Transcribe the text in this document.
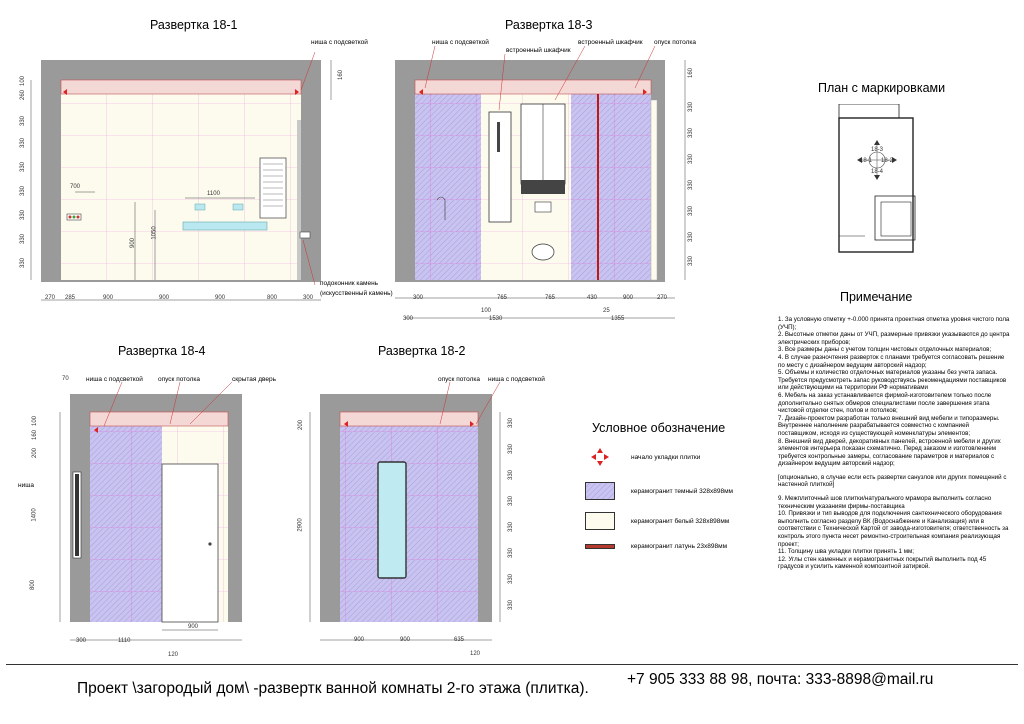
Развертка 18-1
ниша с подсветкой
подоконник камень
(искусственный камень)
700
1100
900
1050
270 285	900	900	900	800	300
100
260
330
330
330
330
330
330
330
160
Развертка 18-3
ниша с подсветкой
встроенный шкафчик
встроенный шкафчик опуск потолка
300	765	765	430	900	270
300
100
1530
25
1355
160
330
330
330
330
330
330
330
План с маркировками
18-3
18-4
18-1 18-2
Развертка 18-4
ниша с подсветкой опуск потолка	скрытая дверь
ниша
70
1400
800
100
160
200
900
300	1110
120
Развертка 18-2
опуск потолка ниша с подсветкой
2900
200
900	900	635
120
330
330
330
330
330
330
330
330
Условное обозначение
начало укладки плитки
керамогранит темный 328х898мм
керамогранит белый 328х898мм
керамогранит латунь 23х898мм
Примечание
1. За условную отметку +-0.000 принята проектная отметка уровня чистого пола (УЧП);
2. Высотные отметки даны от УЧП, размерные привязки указываются до центра электрических приборов;
3. Все размеры даны с учетом толщин чистовых отделочных материалов;
4. В случае разночтения разверток с планами требуется согласовать решение по месту с дизайнером ведущим авторский надзор;
5. Объемы и количество отделочных материалов указаны без учета запаса. Требуется предусмотреть запас руководствуясь рекомендациями поставщиков или действующими на территории РФ нормативами
6. Мебель на заказ устанавливается фирмой-изготовителем только после дополнительно снятых обмеров специалистами после завершения этапа чистовой отделки стен, полов и потолков;
7. Дизайн-проектом разработан только внешний вид мебели и типоразмеры. Внутреннее наполнение разрабатывается совместно с компанией поставщиком, исходя из существующей номенклатуры элементов;
8. Внешний вид дверей, декоративных панелей, встроенной мебели и других элементов интерьера показан схематично. Перед заказом и изготовлением требуется контрольные замеры, согласование параметров и материалов с дизайнером ведущим авторский надзор;
[опционально, в случае если есть развертки санузлов или других помещений с настенной плиткой]
9. Межплиточный шов плитки/натурального мрамора выполнить согласно техническим указаниям фирмы-поставщика
10. Привязки и тип выводов для подключения сантехнического оборудования выполнить согласно разделу ВК (Водоснабжение и Канализация) или в соответствии с Технической Картой от завода-изготовителя; ответственность за контроль этого пункта несет ремонтно-строительная компания реализующая проект;
11. Толщину шва укладки плитки принять 1 мм;
12. Углы стен каменных и керамогранитных покрытий выполнить под 45 градусов и усилить каменной композитной затиркой.
Проект \загородый дом\ -развертк ванной комнаты 2-го этажа (плитка).
+7 905 333 88 98, почта: 333-8898@mail.ru
